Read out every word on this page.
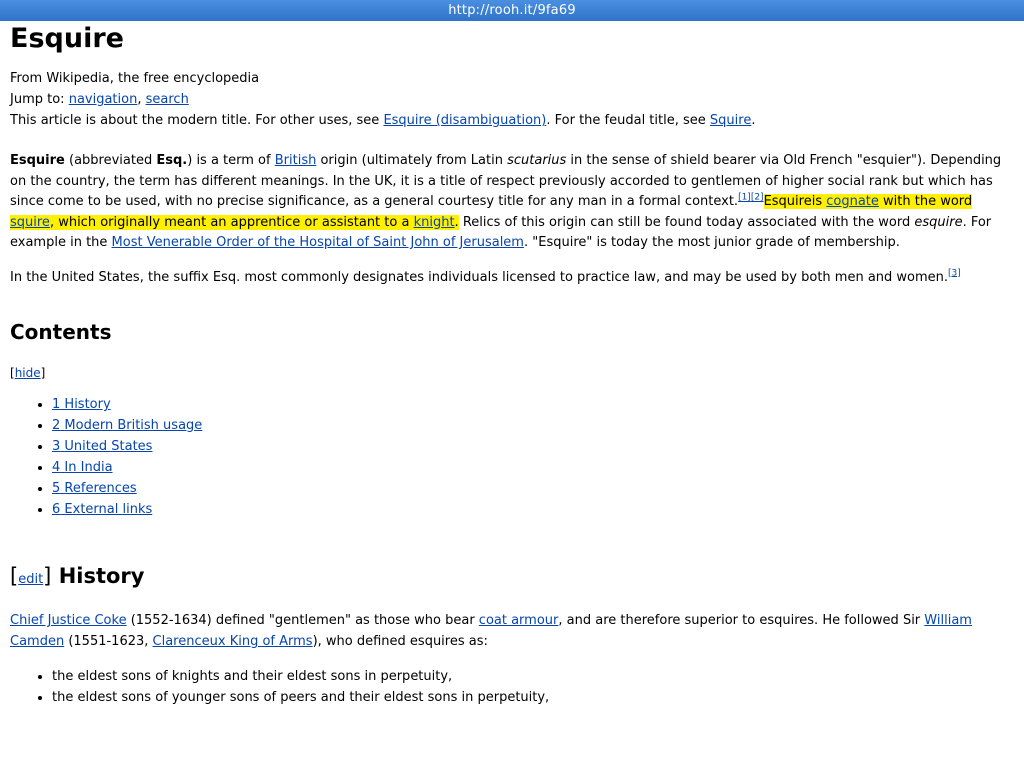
http://rooh.it/9fa69
Esquire
From Wikipedia, the free encyclopedia
Jump to: navigation, search
This article is about the modern title. For other uses, see Esquire (disambiguation). For the feudal title, see Squire.

Esquire (abbreviated Esq.) is a term of British origin (ultimately from Latin scutarius in the sense of shield bearer via Old French "esquier"). Depending on the country, the term has different meanings. In the UK, it is a title of respect previously accorded to gentlemen of higher social rank but which has since come to be used, with no precise significance, as a general courtesy title for any man in a formal context.[1][2]Esquireis cognate with the word squire, which originally meant an apprentice or assistant to a knight. Relics of this origin can still be found today associated with the word esquire. For example in the Most Venerable Order of the Hospital of Saint John of Jerusalem. "Esquire" is today the most junior grade of membership.

In the United States, the suffix Esq. most commonly designates individuals licensed to practice law, and may be used by both men and women.[3]

Contents
[hide]
• 1 History
• 2 Modern British usage
• 3 United States
• 4 In India
• 5 References
• 6 External links
[edit] History

Chief Justice Coke (1552-1634) defined "gentlemen" as those who bear coat armour, and are therefore superior to esquires. He followed Sir William Camden (1551-1623, Clarenceux King of Arms), who defined esquires as:

• the eldest sons of knights and their eldest sons in perpetuity,
• the eldest sons of younger sons of peers and their eldest sons in perpetuity,
